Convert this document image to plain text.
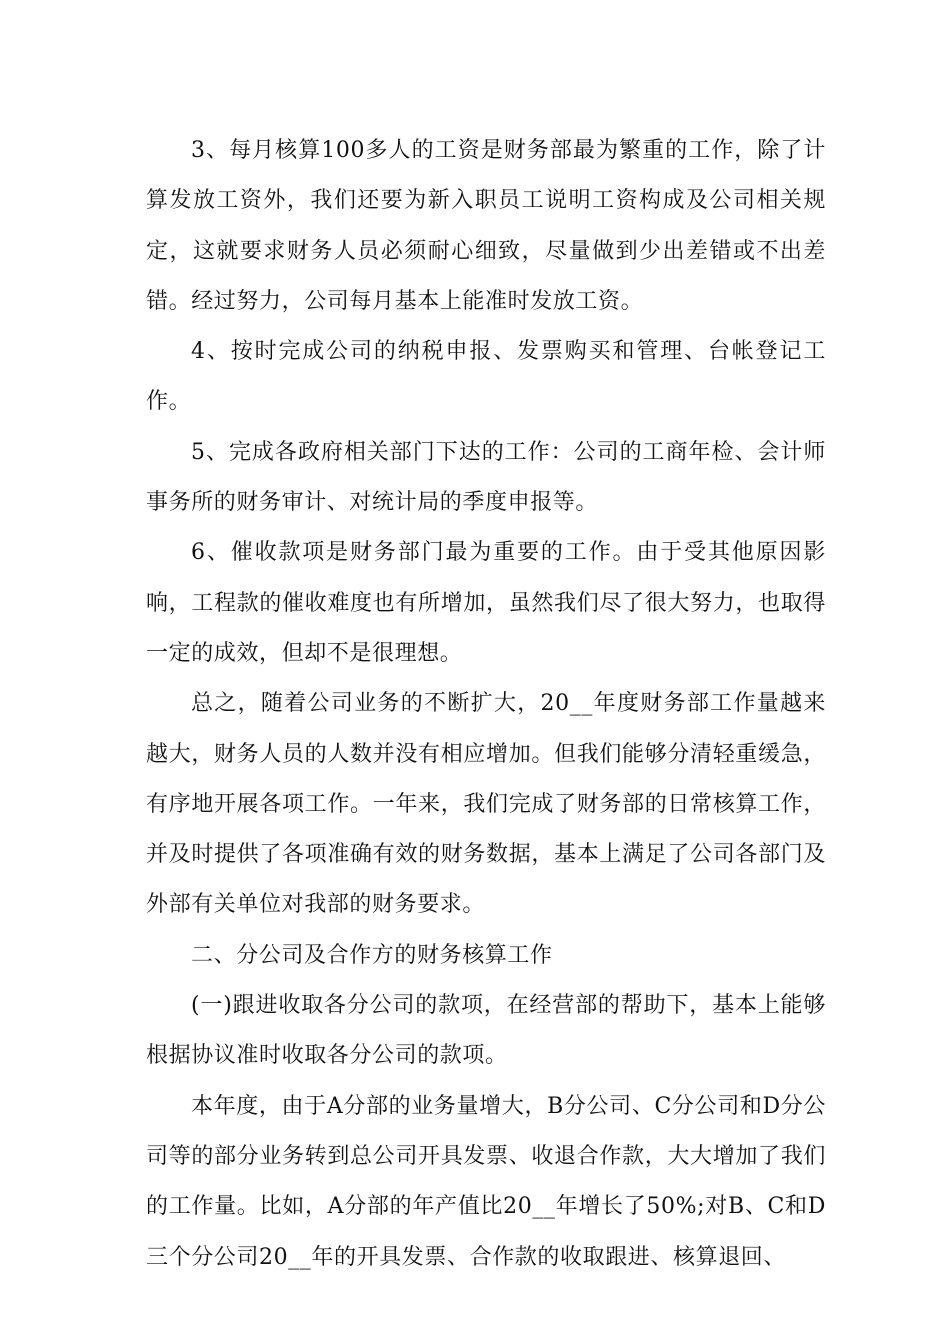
3、每月核算100多人的工资是财务部最为繁重的工作，除了计算发放工资外，我们还要为新入职员工说明工资构成及公司相关规定，这就要求财务人员必须耐心细致，尽量做到少出差错或不出差错。经过努力，公司每月基本上能准时发放工资。

4、按时完成公司的纳税申报、发票购买和管理、台帐登记工作。

5、完成各政府相关部门下达的工作：公司的工商年检、会计师事务所的财务审计、对统计局的季度申报等。

6、催收款项是财务部门最为重要的工作。由于受其他原因影响，工程款的催收难度也有所增加，虽然我们尽了很大努力，也取得一定的成效，但却不是很理想。

总之，随着公司业务的不断扩大，20__年度财务部工作量越来越大，财务人员的人数并没有相应增加。但我们能够分清轻重缓急，有序地开展各项工作。一年来，我们完成了财务部的日常核算工作，并及时提供了各项准确有效的财务数据，基本上满足了公司各部门及外部有关单位对我部的财务要求。

二、分公司及合作方的财务核算工作

(一)跟进收取各分公司的款项，在经营部的帮助下，基本上能够根据协议准时收取各分公司的款项。

本年度，由于A分部的业务量增大，B分公司、C分公司和D分公司等的部分业务转到总公司开具发票、收退合作款，大大增加了我们的工作量。比如，A分部的年产值比20__年增长了50%;对B、C和D三个分公司20__年的开具发票、合作款的收取跟进、核算退回、
